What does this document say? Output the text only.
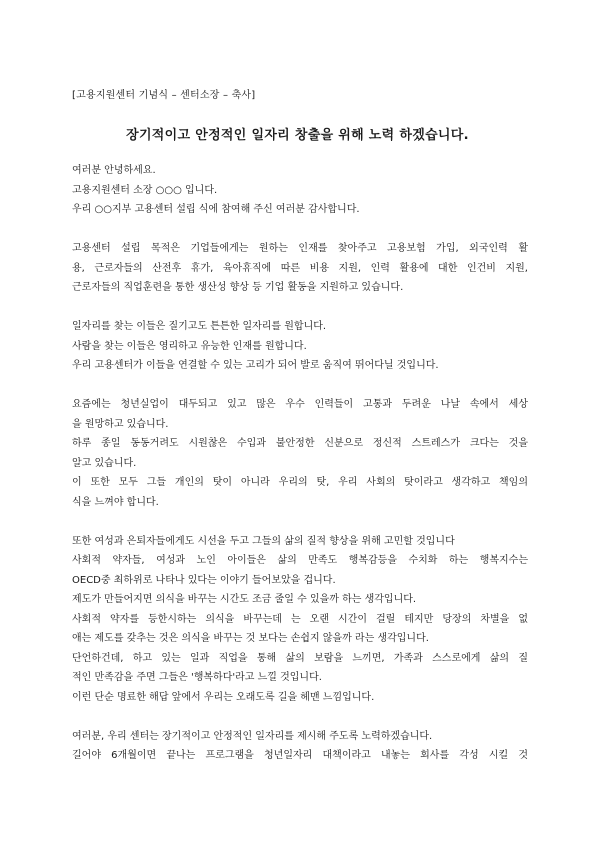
[고용지원센터 기념식 – 센터소장 – 축사]
장기적이고 안정적인 일자리 창출을 위해 노력 하겠습니다.
여러분 안녕하세요.
고용지원센터 소장 ○○○ 입니다.
우리 ○○지부 고용센터 설립 식에 참여해 주신 여러분 감사합니다.
고용센터 설립 목적은 기업들에게는 원하는 인재를 찾아주고 고용보험 가입, 외국인력 활
용, 근로자들의 산전후 휴가, 육아휴직에 따른 비용 지원, 인력 활용에 대한 인건비 지원,
근로자들의 직업훈련을 통한 생산성 향상 등 기업 활동을 지원하고 있습니다.
일자리를 찾는 이들은 질기고도 튼튼한 일자리를 원합니다.
사람을 찾는 이들은 영리하고 유능한 인재를 원합니다.
우리 고용센터가 이들을 연결할 수 있는 고리가 되어 발로 움직여 뛰어다닐 것입니다.
요즘에는 청년실업이 대두되고 있고 많은 우수 인력들이 고통과 두려운 나날 속에서 세상
을 원망하고 있습니다.
하루 종일 동동거려도 시원찮은 수입과 불안정한 신분으로 정신적 스트레스가 크다는 것을
알고 있습니다.
이 또한 모두 그들 개인의 탓이 아니라 우리의 탓, 우리 사회의 탓이라고 생각하고 책임의
식을 느껴야 합니다.
또한 여성과 은퇴자들에게도 시선을 두고 그들의 삶의 질적 향상을 위해 고민할 것입니다
사회적 약자들, 여성과 노인 아이들은 삶의 만족도 행복감등을 수치화 하는 행복지수는
OECD중 최하위로 나타나 있다는 이야기 들어보았을 겁니다.
제도가 만들어지면 의식을 바꾸는 시간도 조금 줄일 수 있을까 하는 생각입니다.
사회적 약자를 등한시하는 의식을 바꾸는데 는 오랜 시간이 걸릴 테지만 당장의 차별을 없
애는 제도를 갖추는 것은 의식을 바꾸는 것 보다는 손쉽지 않을까 라는 생각입니다.
단언하건데, 하고 있는 일과 직업을 통해 삶의 보람을 느끼면, 가족과 스스로에게 삶의 질
적인 만족감을 주면 그들은 '행복하다'라고 느낄 것입니다.
이런 단순 명료한 해답 앞에서 우리는 오래도록 길을 헤맨 느낌입니다.
여러분, 우리 센터는 장기적이고 안정적인 일자리를 제시해 주도록 노력하겠습니다.
길어야 6개월이면 끝나는 프로그램을 청년일자리 대책이라고 내놓는 회사를 각성 시킬 것
